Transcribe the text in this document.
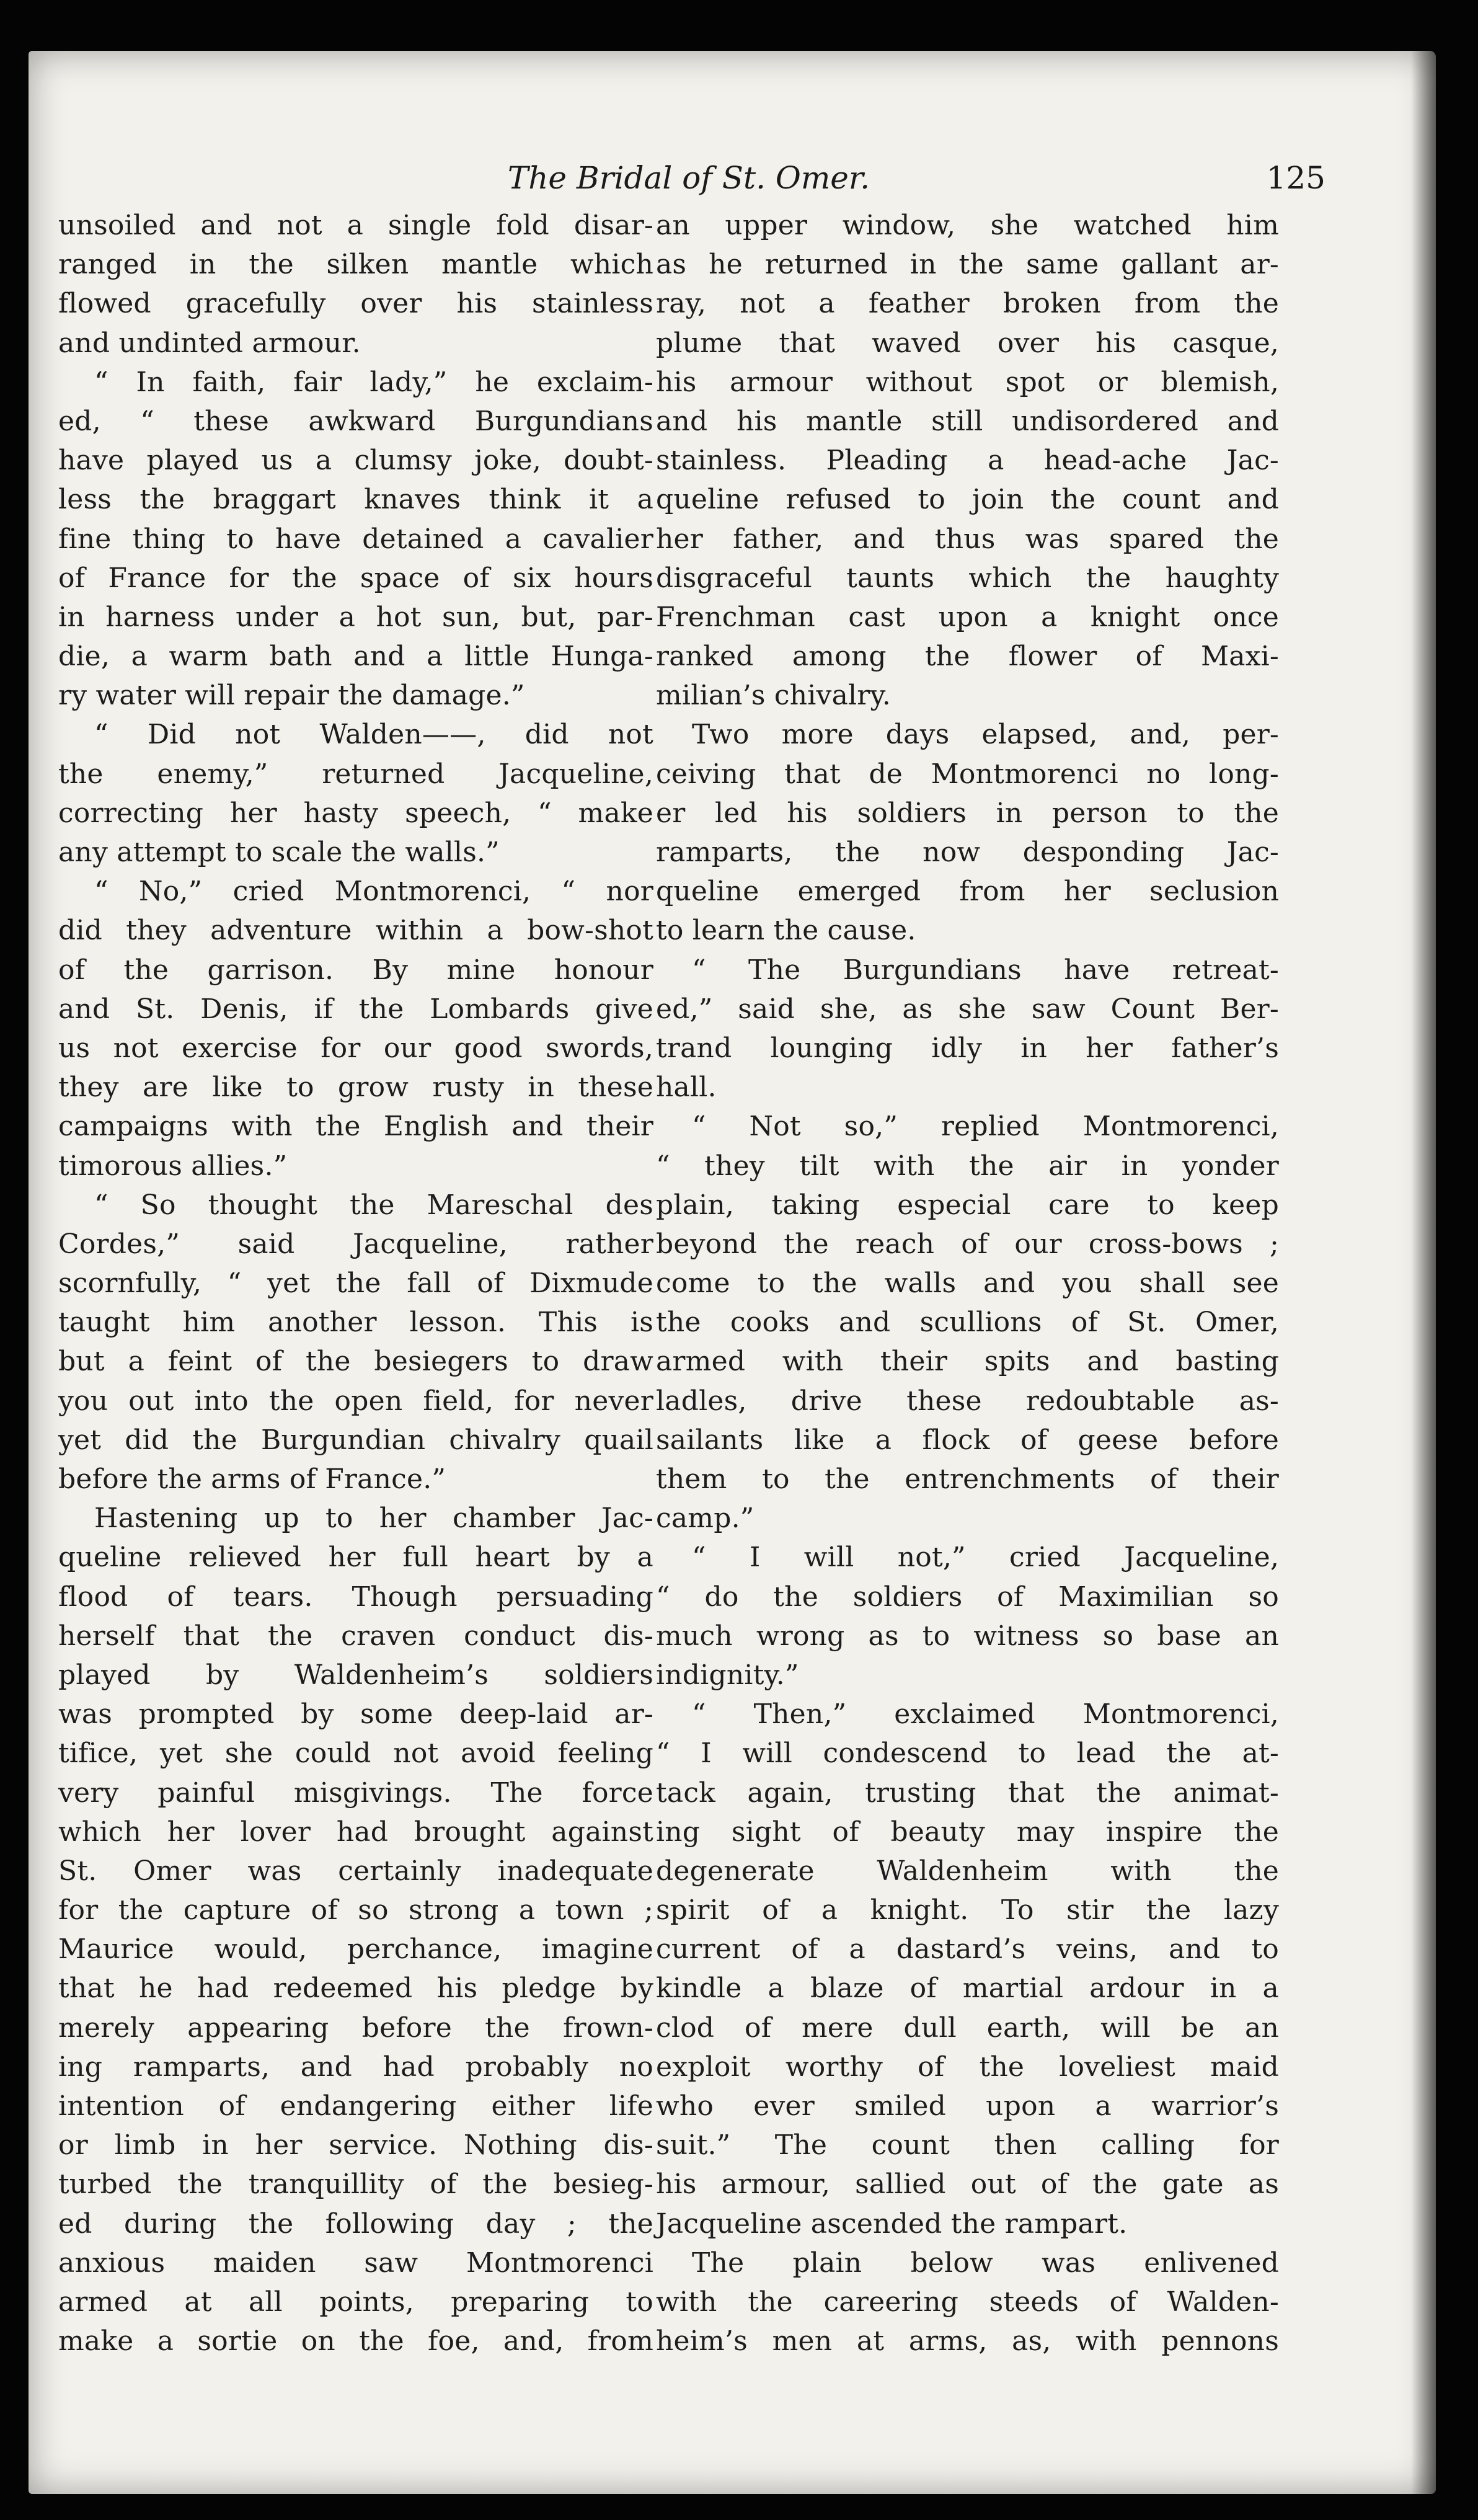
The Bridal of St. Omer.	125
unsoiled and not a single fold disar-
ranged in the silken mantle which
flowed gracefully over his stainless
and undinted armour.
“ In faith, fair lady,” he exclaim-
ed, “ these awkward Burgundians
have played us a clumsy joke, doubt-
less the braggart knaves think it a
fine thing to have detained a cavalier
of France for the space of six hours
in harness under a hot sun, but, par-
die, a warm bath and a little Hunga-
ry water will repair the damage.”
“ Did not Walden——, did not
the enemy,” returned Jacqueline,
correcting her hasty speech, “ make
any attempt to scale the walls.”
“ No,” cried Montmorenci, “ nor
did they adventure within a bow-shot
of the garrison. By mine honour
and St. Denis, if the Lombards give
us not exercise for our good swords,
they are like to grow rusty in these
campaigns with the English and their
timorous allies.”
“ So thought the Mareschal des
Cordes,” said Jacqueline, rather
scornfully, “ yet the fall of Dixmude
taught him another lesson. This is
but a feint of the besiegers to draw
you out into the open field, for never
yet did the Burgundian chivalry quail
before the arms of France.”
Hastening up to her chamber Jac-
queline relieved her full heart by a
flood of tears. Though persuading
herself that the craven conduct dis-
played by Waldenheim’s soldiers
was prompted by some deep-laid ar-
tifice, yet she could not avoid feeling
very painful misgivings. The force
which her lover had brought against
St. Omer was certainly inadequate
for the capture of so strong a town ;
Maurice would, perchance, imagine
that he had redeemed his pledge by
merely appearing before the frown-
ing ramparts, and had probably no
intention of endangering either life
or limb in her service. Nothing dis-
turbed the tranquillity of the besieg-
ed during the following day ; the
anxious maiden saw Montmorenci
armed at all points, preparing to
make a sortie on the foe, and, from
an upper window, she watched him
as he returned in the same gallant ar-
ray, not a feather broken from the
plume that waved over his casque,
his armour without spot or blemish,
and his mantle still undisordered and
stainless. Pleading a head-ache Jac-
queline refused to join the count and
her father, and thus was spared the
disgraceful taunts which the haughty
Frenchman cast upon a knight once
ranked among the flower of Maxi-
milian’s chivalry.
Two more days elapsed, and, per-
ceiving that de Montmorenci no long-
er led his soldiers in person to the
ramparts, the now desponding Jac-
queline emerged from her seclusion
to learn the cause.
“ The Burgundians have retreat-
ed,” said she, as she saw Count Ber-
trand lounging idly in her father’s
hall.
“ Not so,” replied Montmorenci,
“ they tilt with the air in yonder
plain, taking especial care to keep
beyond the reach of our cross-bows ;
come to the walls and you shall see
the cooks and scullions of St. Omer,
armed with their spits and basting
ladles, drive these redoubtable as-
sailants like a flock of geese before
them to the entrenchments of their
camp.”
“ I will not,” cried Jacqueline,
“ do the soldiers of Maximilian so
much wrong as to witness so base an
indignity.”
“ Then,” exclaimed Montmorenci,
“ I will condescend to lead the at-
tack again, trusting that the animat-
ing sight of beauty may inspire the
degenerate Waldenheim with the
spirit of a knight. To stir the lazy
current of a dastard’s veins, and to
kindle a blaze of martial ardour in a
clod of mere dull earth, will be an
exploit worthy of the loveliest maid
who ever smiled upon a warrior’s
suit.” The count then calling for
his armour, sallied out of the gate as
Jacqueline ascended the rampart.
The plain below was enlivened
with the careering steeds of Walden-
heim’s men at arms, as, with pennons
